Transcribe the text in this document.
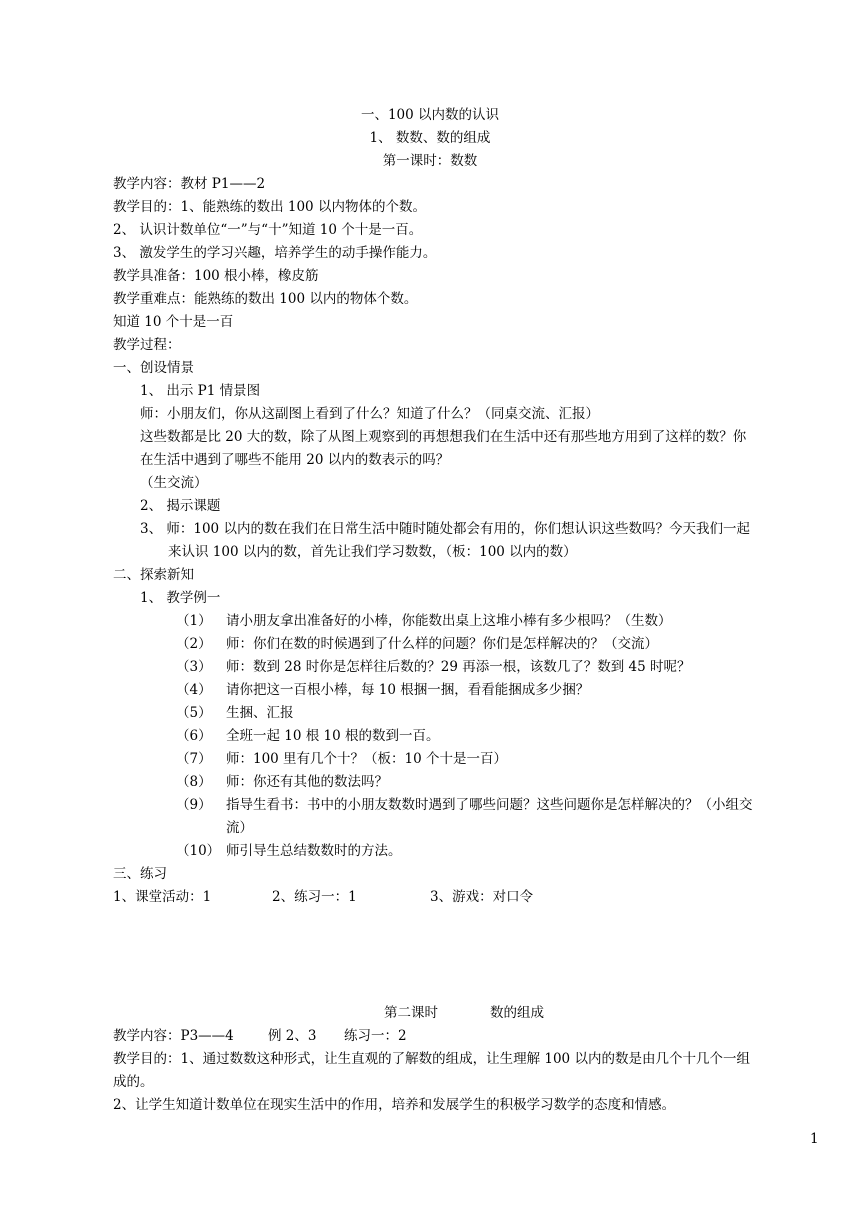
一、100 以内数的认识
1、 数数、数的组成
第一课时：数数
教学内容：教材 P1——2
教学目的：1、能熟练的数出 100 以内物体的个数。
2、 认识计数单位“一”与“十”知道 10 个十是一百。
3、 激发学生的学习兴趣，培养学生的动手操作能力。
教学具准备：100 根小棒，橡皮筋
教学重难点：能熟练的数出 100 以内的物体个数。
知道 10 个十是一百
教学过程：
一、创设情景
1、 出示 P1 情景图
师：小朋友们，你从这副图上看到了什么？知道了什么？（同桌交流、汇报）
这些数都是比 20 大的数，除了从图上观察到的再想想我们在生活中还有那些地方用到了这样的数？你
在生活中遇到了哪些不能用 20 以内的数表示的吗？
（生交流）
2、 揭示课题
3、 师：100 以内的数在我们在日常生活中随时随处都会有用的，你们想认识这些数吗？今天我们一起
来认识 100 以内的数，首先让我们学习数数，（板：100 以内的数）
二、探索新知
1、 教学例一
（1） 请小朋友拿出准备好的小棒，你能数出桌上这堆小棒有多少根吗？（生数）
（2） 师：你们在数的时候遇到了什么样的问题？你们是怎样解决的？（交流）
（3） 师：数到 28 时你是怎样往后数的？29 再添一根，该数几了？数到 45 时呢？
（4） 请你把这一百根小棒，每 10 根捆一捆，看看能捆成多少捆？
（5） 生捆、汇报
（6） 全班一起 10 根 10 根的数到一百。
（7） 师：100 里有几个十？（板：10 个十是一百）
（8） 师：你还有其他的数法吗？
（9） 指导生看书：书中的小朋友数数时遇到了哪些问题？这些问题你是怎样解决的？（小组交
流）
（10） 师引导生总结数数时的方法。
三、练习
1、课堂活动：1	2、练习一：1	3、游戏：对口令
第二课时	数的组成
教学内容：P3——4	例 2、3 练习一：2
教学目的：1、通过数数这种形式，让生直观的了解数的组成，让生理解 100 以内的数是由几个十几个一组
成的。
2、让学生知道计数单位在现实生活中的作用，培养和发展学生的积极学习数学的态度和情感。
1
